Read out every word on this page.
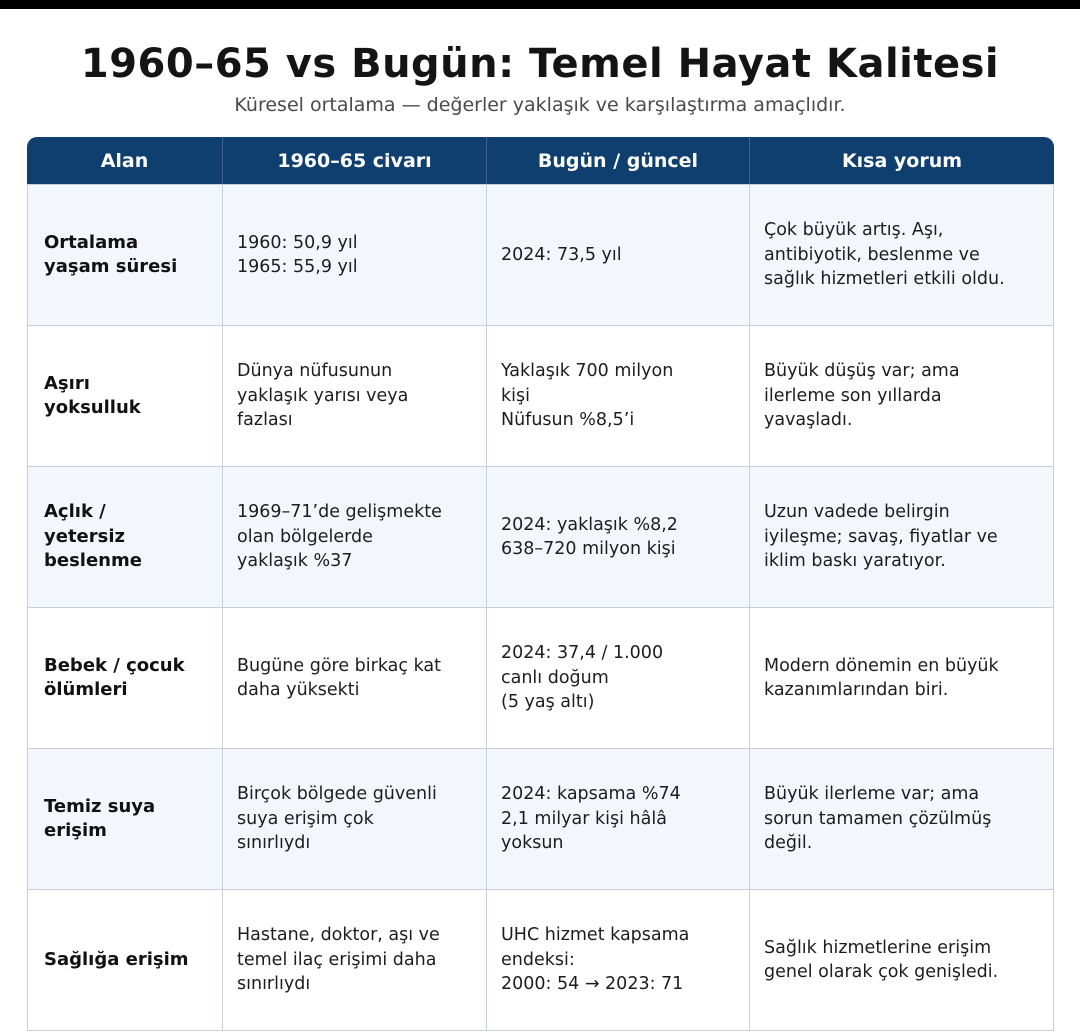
1960–65 vs Bugün: Temel Hayat Kalitesi
Küresel ortalama — değerler yaklaşık ve karşılaştırma amaçlıdır.
Alan	1960–65 civarı	Bugün / güncel	Kısa yorum

Ortalama
yaşam süresi	1960: 50,9 yıl
1965: 55,9 yıl	2024: 73,5 yıl	Çok büyük artış. Aşı,
antibiyotik, beslenme ve
sağlık hizmetleri etkili oldu.

Aşırı
yoksulluk	Dünya nüfusunun
yaklaşık yarısı veya
fazlası	Yaklaşık 700 milyon
kişi
Nüfusun %8,5’i	Büyük düşüş var; ama
ilerleme son yıllarda
yavaşladı.

Açlık /
yetersiz
beslenme	1969–71’de gelişmekte
olan bölgelerde
yaklaşık %37	2024: yaklaşık %8,2
638–720 milyon kişi	Uzun vadede belirgin
iyileşme; savaş, fiyatlar ve
iklim baskı yaratıyor.

Bebek / çocuk
ölümleri	Bugüne göre birkaç kat
daha yüksekti	2024: 37,4 / 1.000
canlı doğum
(5 yaş altı)	Modern dönemin en büyük
kazanımlarından biri.

Temiz suya
erişim	Birçok bölgede güvenli
suya erişim çok
sınırlıydı	2024: kapsama %74
2,1 milyar kişi hâlâ
yoksun	Büyük ilerleme var; ama
sorun tamamen çözülmüş
değil.

Sağlığa erişim	Hastane, doktor, aşı ve
temel ilaç erişimi daha
sınırlıydı	UHC hizmet kapsama
endeksi:
2000: 54 → 2023: 71	Sağlık hizmetlerine erişim
genel olarak çok genişledi.
